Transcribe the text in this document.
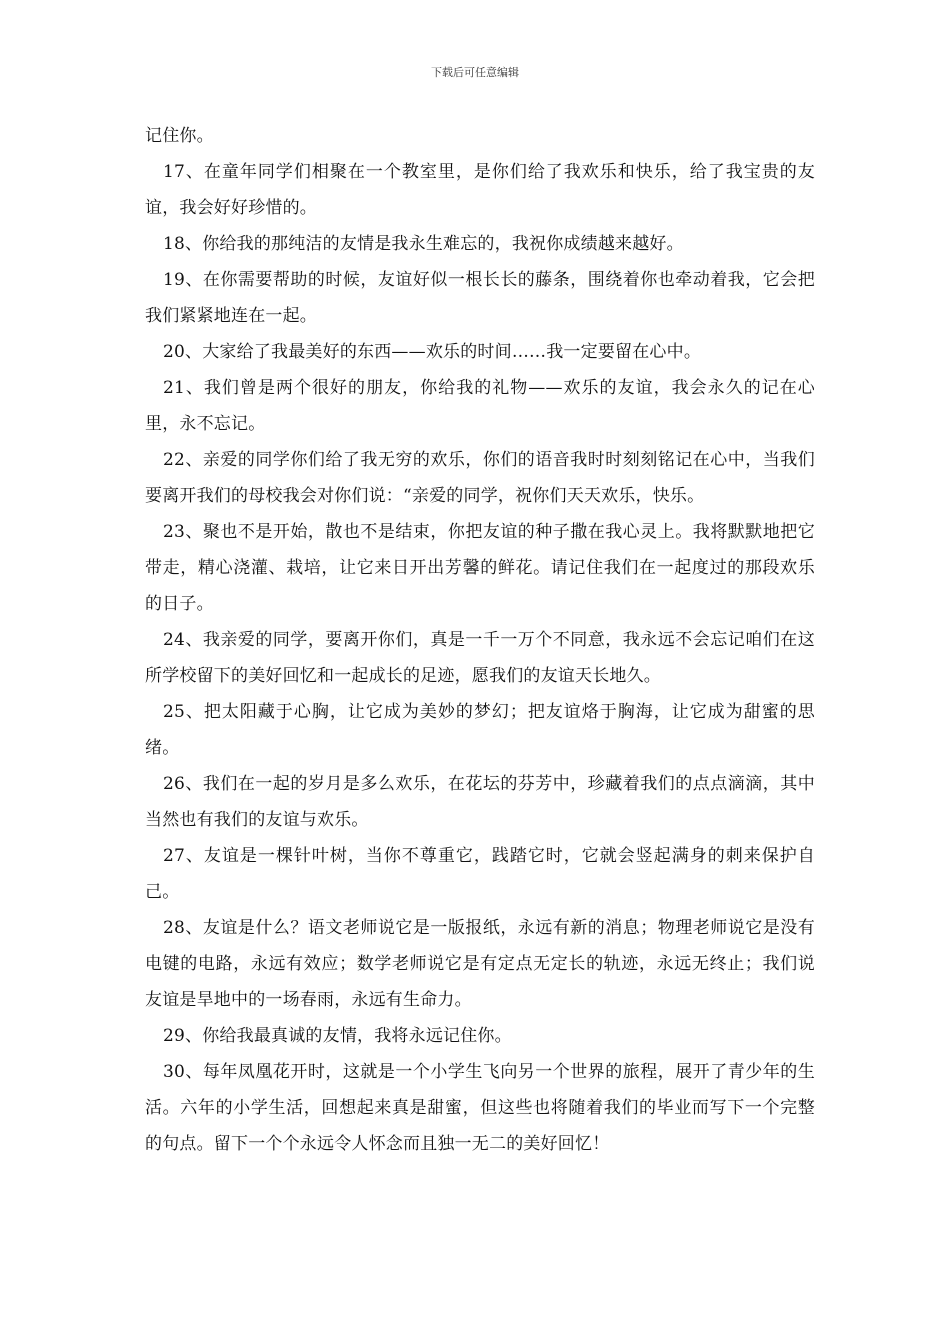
下载后可任意编辑

记住你。

17、在童年同学们相聚在一个教室里，是你们给了我欢乐和快乐，给了我宝贵的友谊，我会好好珍惜的。

18、你给我的那纯洁的友情是我永生难忘的，我祝你成绩越来越好。

19、在你需要帮助的时候，友谊好似一根长长的藤条，围绕着你也牵动着我，它会把我们紧紧地连在一起。

20、大家给了我最美好的东西——欢乐的时间……我一定要留在心中。

21、我们曾是两个很好的朋友，你给我的礼物——欢乐的友谊，我会永久的记在心里，永不忘记。

22、亲爱的同学你们给了我无穷的欢乐，你们的语音我时时刻刻铭记在心中，当我们要离开我们的母校我会对你们说：“亲爱的同学，祝你们天天欢乐，快乐。

23、聚也不是开始，散也不是结束，你把友谊的种子撒在我心灵上。我将默默地把它带走，精心浇灌、栽培，让它来日开出芳馨的鲜花。请记住我们在一起度过的那段欢乐的日子。

24、我亲爱的同学，要离开你们，真是一千一万个不同意，我永远不会忘记咱们在这所学校留下的美好回忆和一起成长的足迹，愿我们的友谊天长地久。

25、把太阳藏于心胸，让它成为美妙的梦幻；把友谊烙于胸海，让它成为甜蜜的思绪。

26、我们在一起的岁月是多么欢乐，在花坛的芬芳中，珍藏着我们的点点滴滴，其中当然也有我们的友谊与欢乐。

27、友谊是一棵针叶树，当你不尊重它，践踏它时，它就会竖起满身的刺来保护自己。

28、友谊是什么？语文老师说它是一版报纸，永远有新的消息；物理老师说它是没有电键的电路，永远有效应；数学老师说它是有定点无定长的轨迹，永远无终止；我们说友谊是旱地中的一场春雨，永远有生命力。

29、你给我最真诚的友情，我将永远记住你。

30、每年凤凰花开时，这就是一个小学生飞向另一个世界的旅程，展开了青少年的生活。六年的小学生活，回想起来真是甜蜜，但这些也将随着我们的毕业而写下一个完整的句点。留下一个个永远令人怀念而且独一无二的美好回忆！
